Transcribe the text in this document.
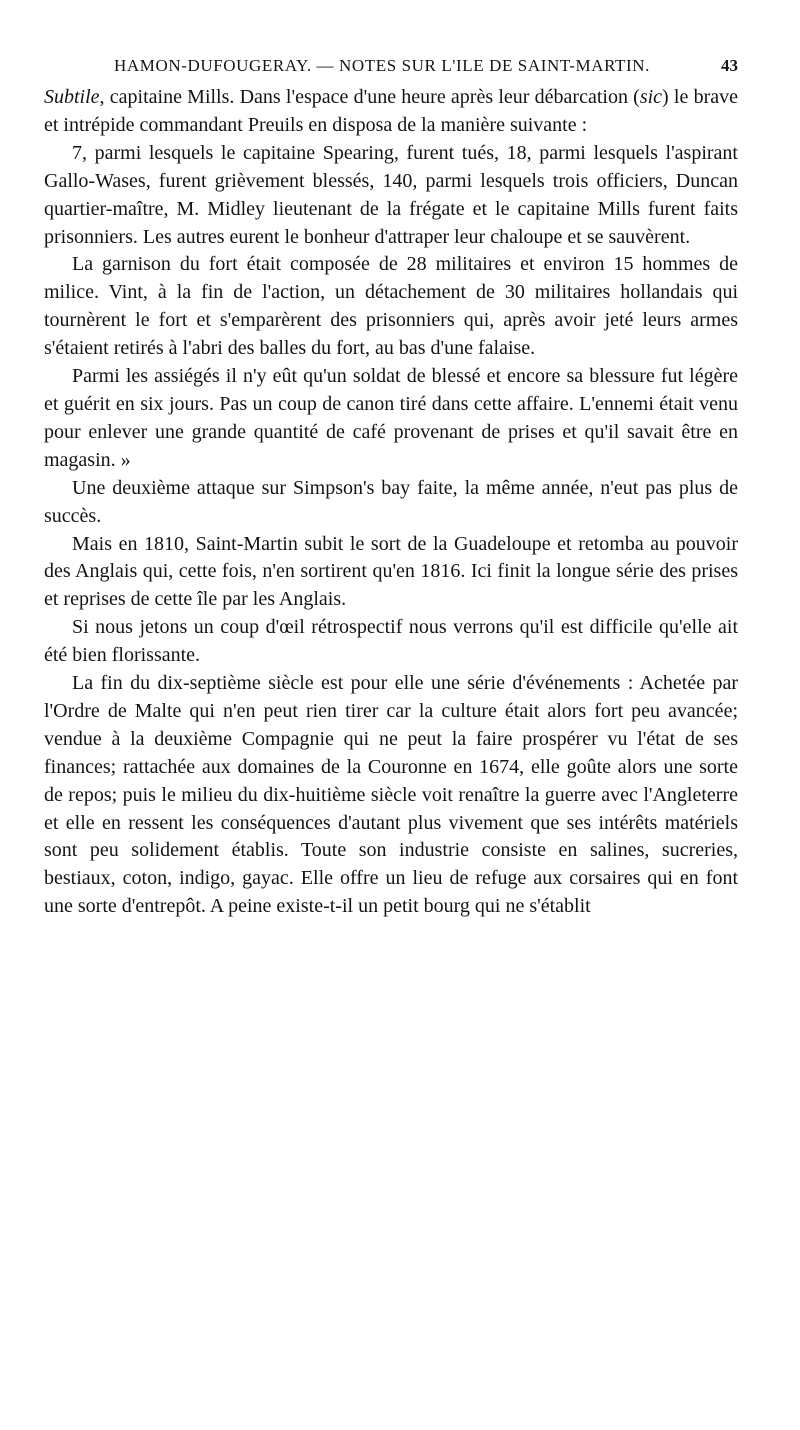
HAMON-DUFOUGERAY. — NOTES SUR L'ILE DE SAINT-MARTIN.	43

Subtile, capitaine Mills. Dans l'espace d'une heure après leur débarcation (sic) le brave et intrépide commandant Preuils en disposa de la manière suivante :

7, parmi lesquels le capitaine Spearing, furent tués, 18, parmi lesquels l'aspirant Gallo-Wases, furent grièvement blessés, 140, parmi lesquels trois officiers, Duncan quartier-maître, M. Midley lieutenant de la frégate et le capitaine Mills furent faits prisonniers. Les autres eurent le bonheur d'attraper leur chaloupe et se sauvèrent.

La garnison du fort était composée de 28 militaires et environ 15 hommes de milice. Vint, à la fin de l'action, un détachement de 30 militaires hollandais qui tournèrent le fort et s'emparèrent des prisonniers qui, après avoir jeté leurs armes s'étaient retirés à l'abri des balles du fort, au bas d'une falaise.

Parmi les assiégés il n'y eût qu'un soldat de blessé et encore sa blessure fut légère et guérit en six jours. Pas un coup de canon tiré dans cette affaire. L'ennemi était venu pour enlever une grande quantité de café provenant de prises et qu'il savait être en magasin. »

Une deuxième attaque sur Simpson's bay faite, la même année, n'eut pas plus de succès.

Mais en 1810, Saint-Martin subit le sort de la Guadeloupe et retomba au pouvoir des Anglais qui, cette fois, n'en sortirent qu'en 1816. Ici finit la longue série des prises et reprises de cette île par les Anglais.

Si nous jetons un coup d'œil rétrospectif nous verrons qu'il est difficile qu'elle ait été bien florissante.

La fin du dix-septième siècle est pour elle une série d'événements : Achetée par l'Ordre de Malte qui n'en peut rien tirer car la culture était alors fort peu avancée; vendue à la deuxième Compagnie qui ne peut la faire prospérer vu l'état de ses finances; rattachée aux domaines de la Couronne en 1674, elle goûte alors une sorte de repos; puis le milieu du dix-huitième siècle voit renaître la guerre avec l'Angleterre et elle en ressent les conséquences d'autant plus vivement que ses intérêts matériels sont peu solidement établis. Toute son industrie consiste en salines, sucreries, bestiaux, coton, indigo, gayac. Elle offre un lieu de refuge aux corsaires qui en font une sorte d'entrepôt. A peine existe-t-il un petit bourg qui ne s'établit
